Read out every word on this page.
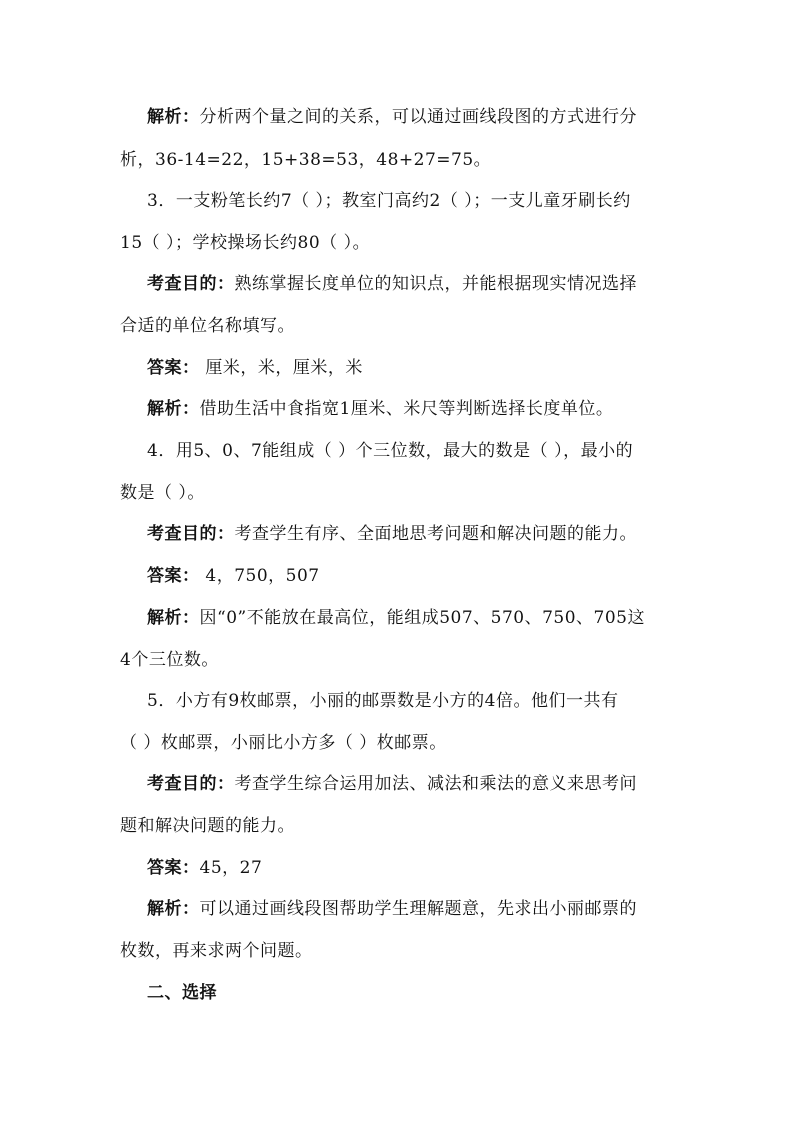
解析：分析两个量之间的关系，可以通过画线段图的方式进行分
析，36-14=22，15+38=53，48+27=75。
3．一支粉笔长约7（ ）；教室门高约2（ ）；一支儿童牙刷长约
15（ ）；学校操场长约80（ ）。
考查目的：熟练掌握长度单位的知识点，并能根据现实情况选择
合适的单位名称填写。
答案： 厘米，米，厘米，米
解析：借助生活中食指宽1厘米、米尺等判断选择长度单位。
4．用5、0、7能组成（ ）个三位数，最大的数是（ ），最小的
数是（ ）。
考查目的：考查学生有序、全面地思考问题和解决问题的能力。
答案： 4，750，507
解析：因“0”不能放在最高位，能组成507、570、750、705这
4个三位数。
5．小方有9枚邮票，小丽的邮票数是小方的4倍。他们一共有
（ ）枚邮票，小丽比小方多（ ）枚邮票。
考查目的：考查学生综合运用加法、减法和乘法的意义来思考问
题和解决问题的能力。
答案：45，27
解析：可以通过画线段图帮助学生理解题意，先求出小丽邮票的
枚数，再来求两个问题。
二、选择
